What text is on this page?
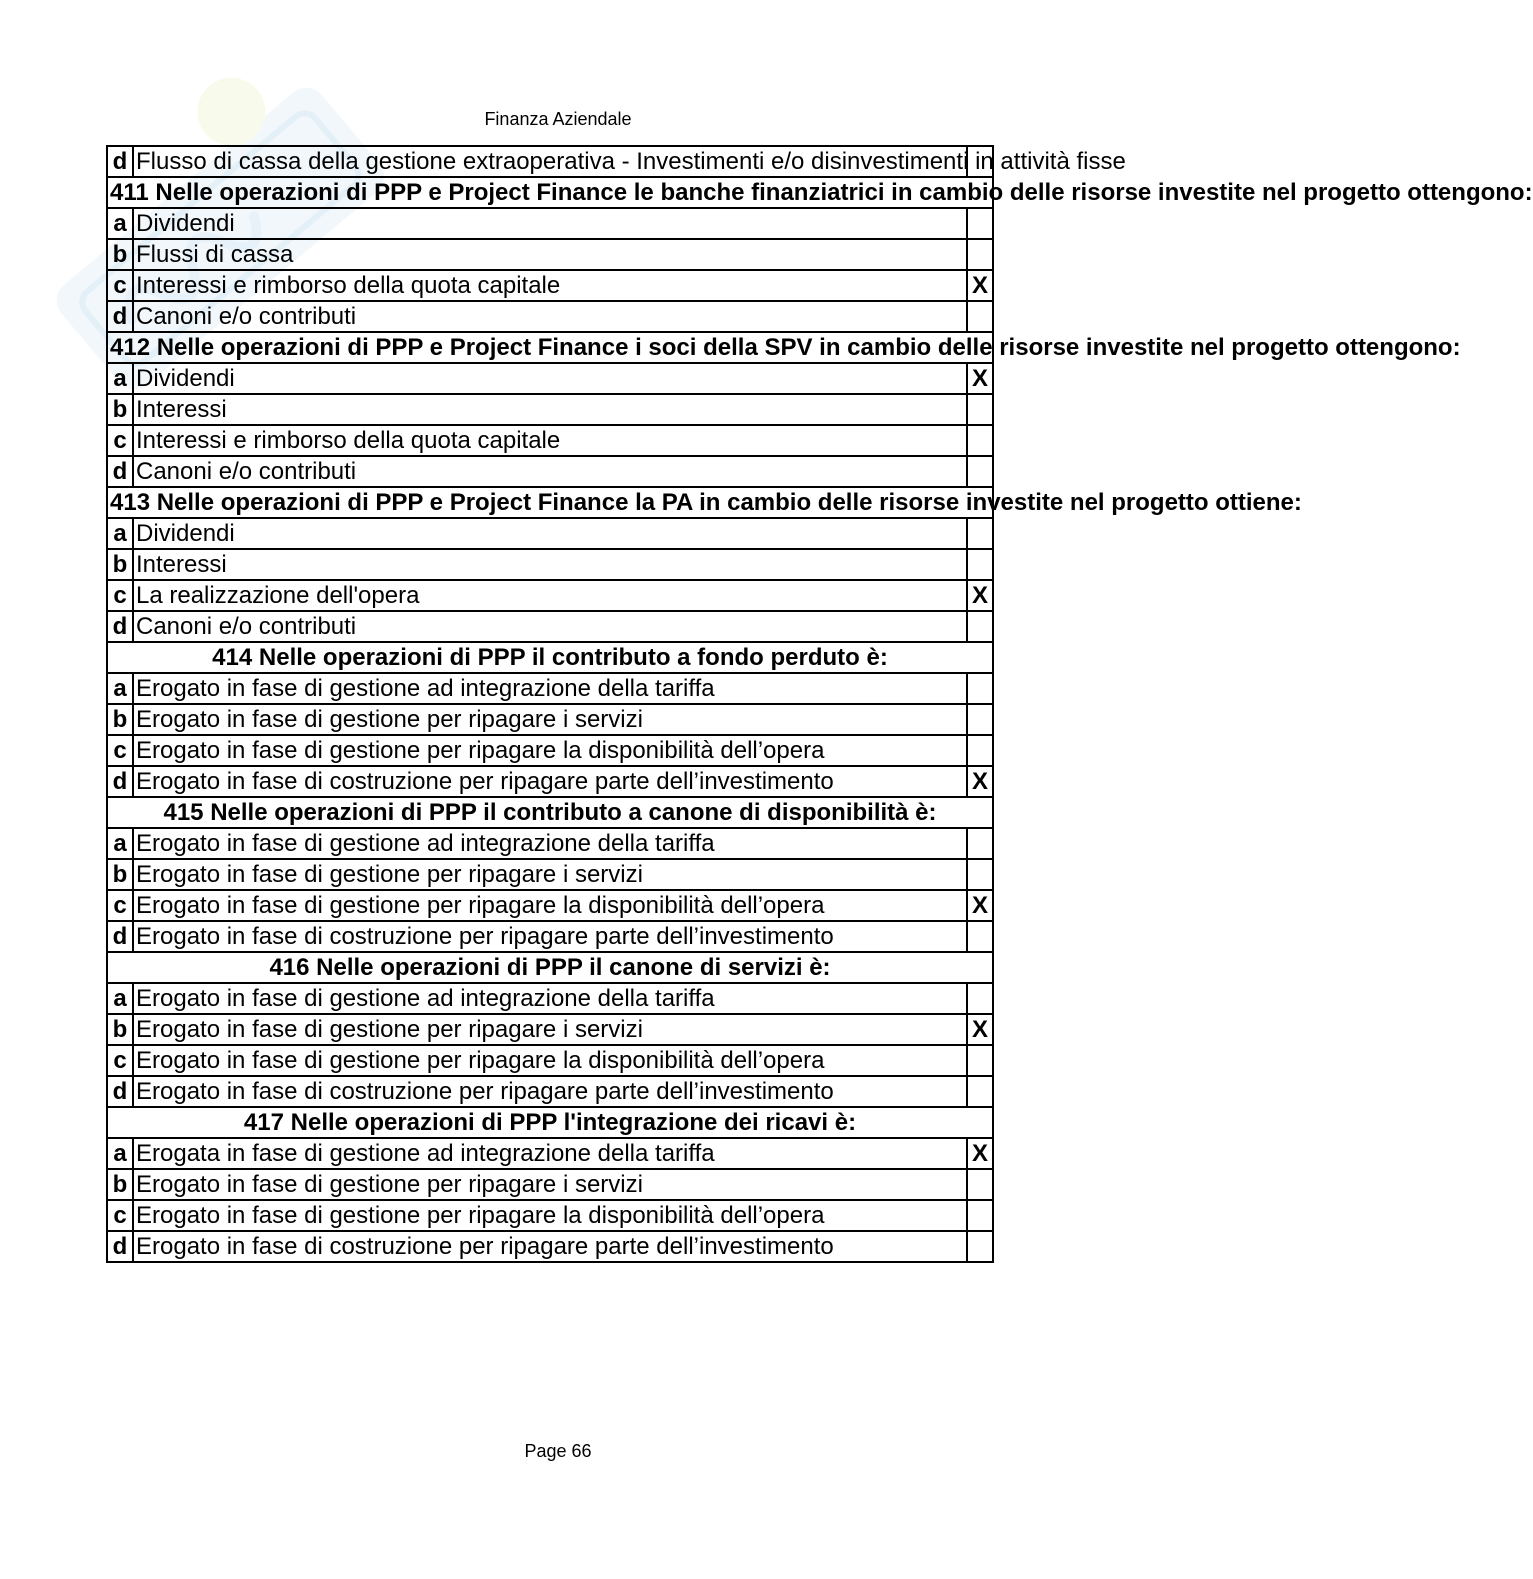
Finanza Aziendale
d	Flusso di cassa della gestione extraoperativa - Investimenti e/o disinvestimenti in attività fisse	
411 Nelle operazioni di PPP e Project Finance le banche finanziatrici in cambio delle risorse investite nel progetto ottengono:		
a	Dividendi	
b	Flussi di cassa	
c	Interessi e rimborso della quota capitale	X
d	Canoni e/o contributi	
412 Nelle operazioni di PPP e Project Finance i soci della SPV in cambio delle risorse investite nel progetto ottengono:		
a	Dividendi	X
b	Interessi	
c	Interessi e rimborso della quota capitale	
d	Canoni e/o contributi	
413 Nelle operazioni di PPP e Project Finance la PA in cambio delle risorse investite nel progetto ottiene:		
a	Dividendi	
b	Interessi	
c	La realizzazione dell'opera	X
d	Canoni e/o contributi	
414 Nelle operazioni di PPP il contributo a fondo perduto è:		
a	Erogato in fase di gestione ad integrazione della tariffa	
b	Erogato in fase di gestione per ripagare i servizi	
c	Erogato in fase di gestione per ripagare la disponibilità dell’opera	
d	Erogato in fase di costruzione per ripagare parte dell’investimento	X
415 Nelle operazioni di PPP il contributo a canone di disponibilità è:		
a	Erogato in fase di gestione ad integrazione della tariffa	
b	Erogato in fase di gestione per ripagare i servizi	
c	Erogato in fase di gestione per ripagare la disponibilità dell’opera	X
d	Erogato in fase di costruzione per ripagare parte dell’investimento	
416 Nelle operazioni di PPP il canone di servizi è:		
a	Erogato in fase di gestione ad integrazione della tariffa	
b	Erogato in fase di gestione per ripagare i servizi	X
c	Erogato in fase di gestione per ripagare la disponibilità dell’opera	
d	Erogato in fase di costruzione per ripagare parte dell’investimento	
417 Nelle operazioni di PPP l'integrazione dei ricavi è:		
a	Erogata in fase di gestione ad integrazione della tariffa	X
b	Erogato in fase di gestione per ripagare i servizi	
c	Erogato in fase di gestione per ripagare la disponibilità dell’opera	
d	Erogato in fase di costruzione per ripagare parte dell’investimento	
Page 66
